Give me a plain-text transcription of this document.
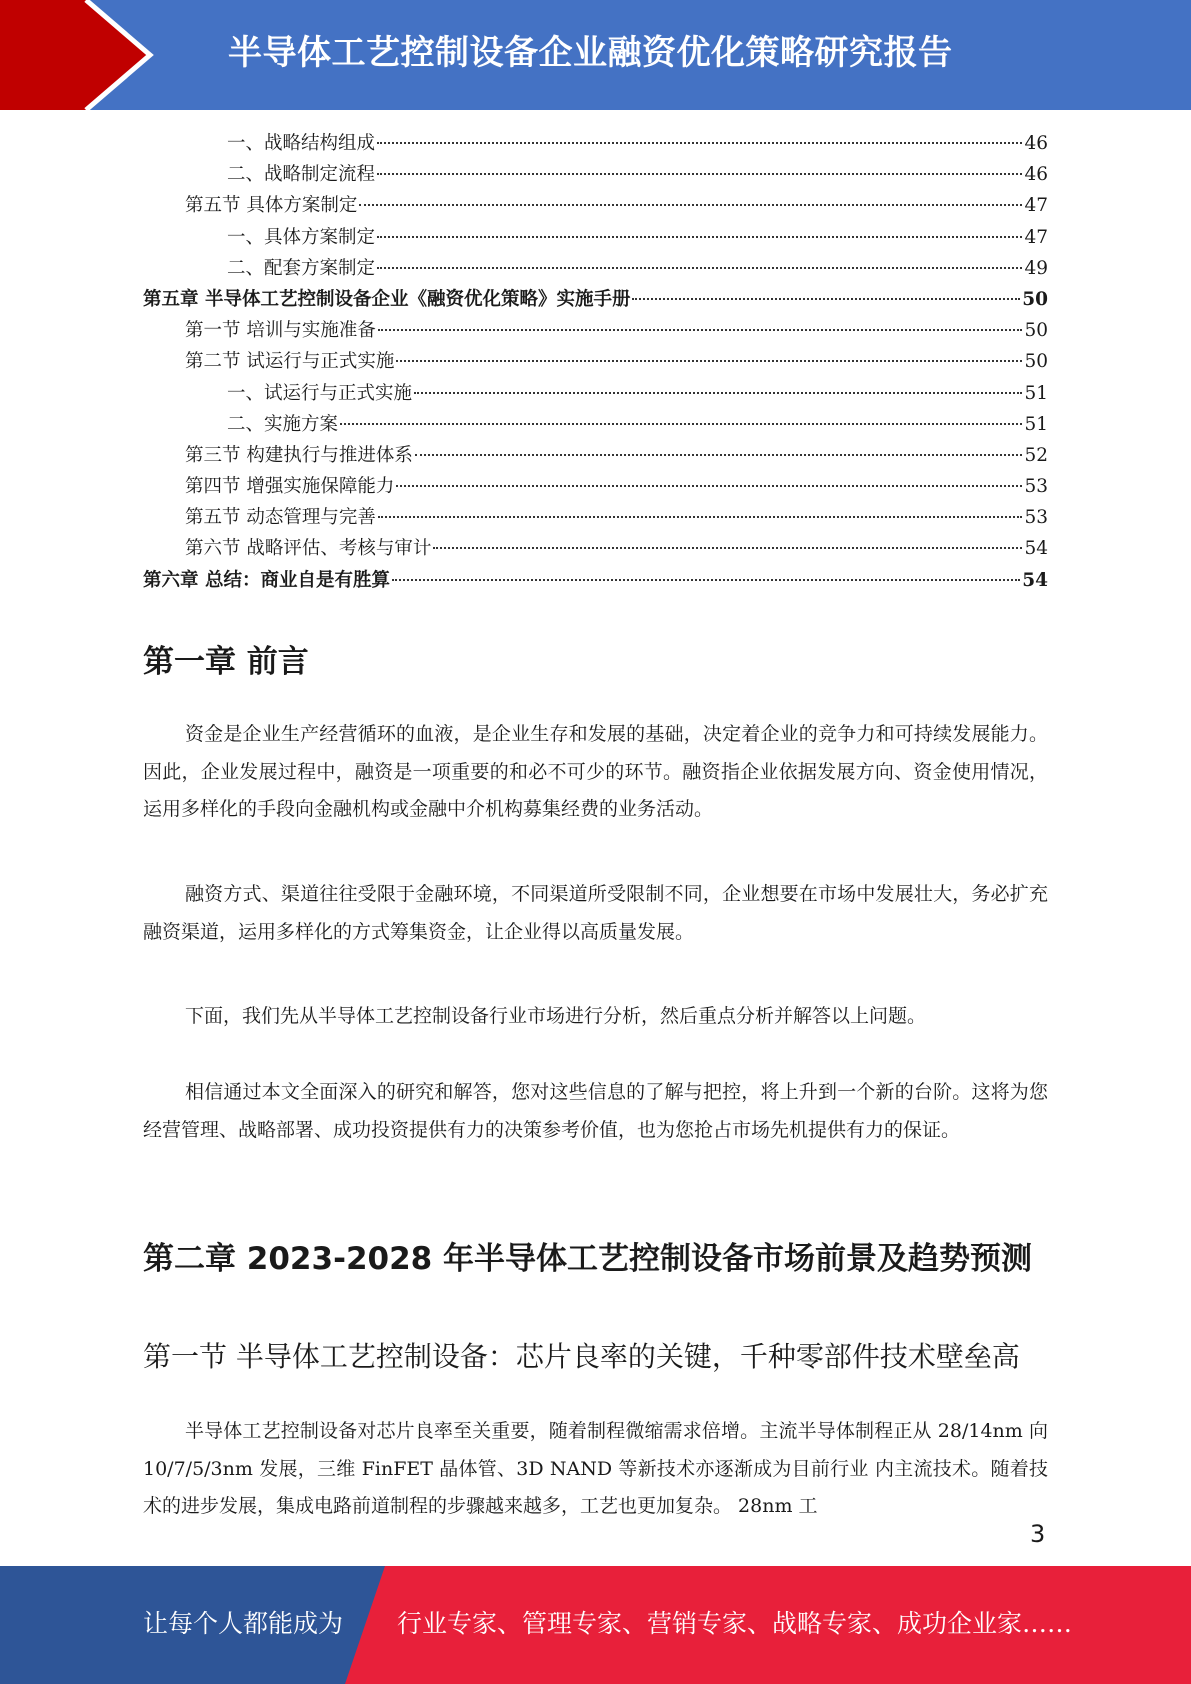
半导体工艺控制设备企业融资优化策略研究报告
一、战略结构组成	46
二、战略制定流程	46
第五节 具体方案制定	47
一、具体方案制定	47
二、配套方案制定	49
第五章 半导体工艺控制设备企业《融资优化策略》实施手册	50
第一节 培训与实施准备	50
第二节 试运行与正式实施	50
一、试运行与正式实施	51
二、实施方案	51
第三节 构建执行与推进体系	52
第四节 增强实施保障能力	53
第五节 动态管理与完善	53
第六节 战略评估、考核与审计	54
第六章 总结：商业自是有胜算	54
第一章 前言

资金是企业生产经营循环的血液，是企业生存和发展的基础，决定着企业的竞争力和可持续发展能力。因此，企业发展过程中，融资是一项重要的和必不可少的环节。融资指企业依据发展方向、资金使用情况，运用多样化的手段向金融机构或金融中介机构募集经费的业务活动。

融资方式、渠道往往受限于金融环境，不同渠道所受限制不同，企业想要在市场中发展壮大，务必扩充融资渠道，运用多样化的方式筹集资金，让企业得以高质量发展。

下面，我们先从半导体工艺控制设备行业市场进行分析，然后重点分析并解答以上问题。

相信通过本文全面深入的研究和解答，您对这些信息的了解与把控，将上升到一个新的台阶。这将为您经营管理、战略部署、成功投资提供有力的决策参考价值，也为您抢占市场先机提供有力的保证。

第二章 2023-2028 年半导体工艺控制设备市场前景及趋势预测
第一节 半导体工艺控制设备：芯片良率的关键，千种零部件技术壁垒高

半导体工艺控制设备对芯片良率至关重要，随着制程微缩需求倍增。主流半导体制程正从 28/14nm 向 10/7/5/3nm 发展，三维 FinFET 晶体管、3D NAND 等新技术亦逐渐成为目前行业 内主流技术。随着技术的进步发展，集成电路前道制程的步骤越来越多，工艺也更加复杂。 28nm 工

3
让每个人都能成为 行业专家、管理专家、营销专家、战略专家、成功企业家……
